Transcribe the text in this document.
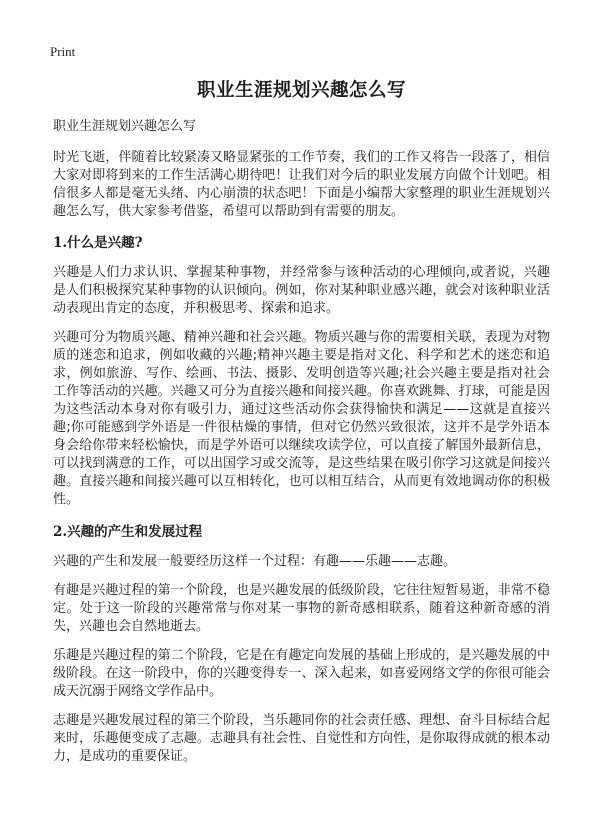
Print
职业生涯规划兴趣怎么写
职业生涯规划兴趣怎么写

时光飞逝，伴随着比较紧凑又略显紧张的工作节奏，我们的工作又将告一段落了，相信大家对即将到来的工作生活满心期待吧！让我们对今后的职业发展方向做个计划吧。相信很多人都是毫无头绪、内心崩溃的状态吧！下面是小编帮大家整理的职业生涯规划兴趣怎么写，供大家参考借鉴，希望可以帮助到有需要的朋友。

1.什么是兴趣?

兴趣是人们力求认识、掌握某种事物，并经常参与该种活动的心理倾向,或者说，兴趣是人们积极探究某种事物的认识倾向。例如，你对某种职业感兴趣，就会对该种职业活动表现出肯定的态度，并积极思考、探索和追求。

兴趣可分为物质兴趣、精神兴趣和社会兴趣。物质兴趣与你的需要相关联，表现为对物质的迷恋和追求，例如收藏的兴趣;精神兴趣主要是指对文化、科学和艺术的迷恋和追求，例如旅游、写作、绘画、书法、摄影、发明创造等兴趣;社会兴趣主要是指对社会工作等活动的兴趣。兴趣又可分为直接兴趣和间接兴趣。你喜欢跳舞、打球，可能是因为这些活动本身对你有吸引力，通过这些活动你会获得愉快和满足——这就是直接兴趣;你可能感到学外语是一件很枯燥的事情，但对它仍然兴致很浓，这并不是学外语本身会给你带来轻松愉快，而是学外语可以继续攻读学位，可以直接了解国外最新信息，可以找到满意的工作，可以出国学习或交流等，是这些结果在吸引你学习这就是间接兴趣。直接兴趣和间接兴趣可以互相转化，也可以相互结合，从而更有效地调动你的积极性。

2.兴趣的产生和发展过程

兴趣的产生和发展一般要经历这样一个过程：有趣——乐趣——志趣。

有趣是兴趣过程的第一个阶段，也是兴趣发展的低级阶段，它往往短暂易逝，非常不稳定。处于这一阶段的兴趣常常与你对某一事物的新奇感相联系，随着这种新奇感的消失，兴趣也会自然地逝去。

乐趣是兴趣过程的第二个阶段，它是在有趣定向发展的基础上形成的，是兴趣发展的中级阶段。在这一阶段中，你的兴趣变得专一、深入起来，如喜爱网络文学的你很可能会成天沉溺于网络文学作品中。

志趣是兴趣发展过程的第三个阶段，当乐趣同你的社会责任感、理想、奋斗目标结合起来时，乐趣便变成了志趣。志趣具有社会性、自觉性和方向性，是你取得成就的根本动力，是成功的重要保证。
